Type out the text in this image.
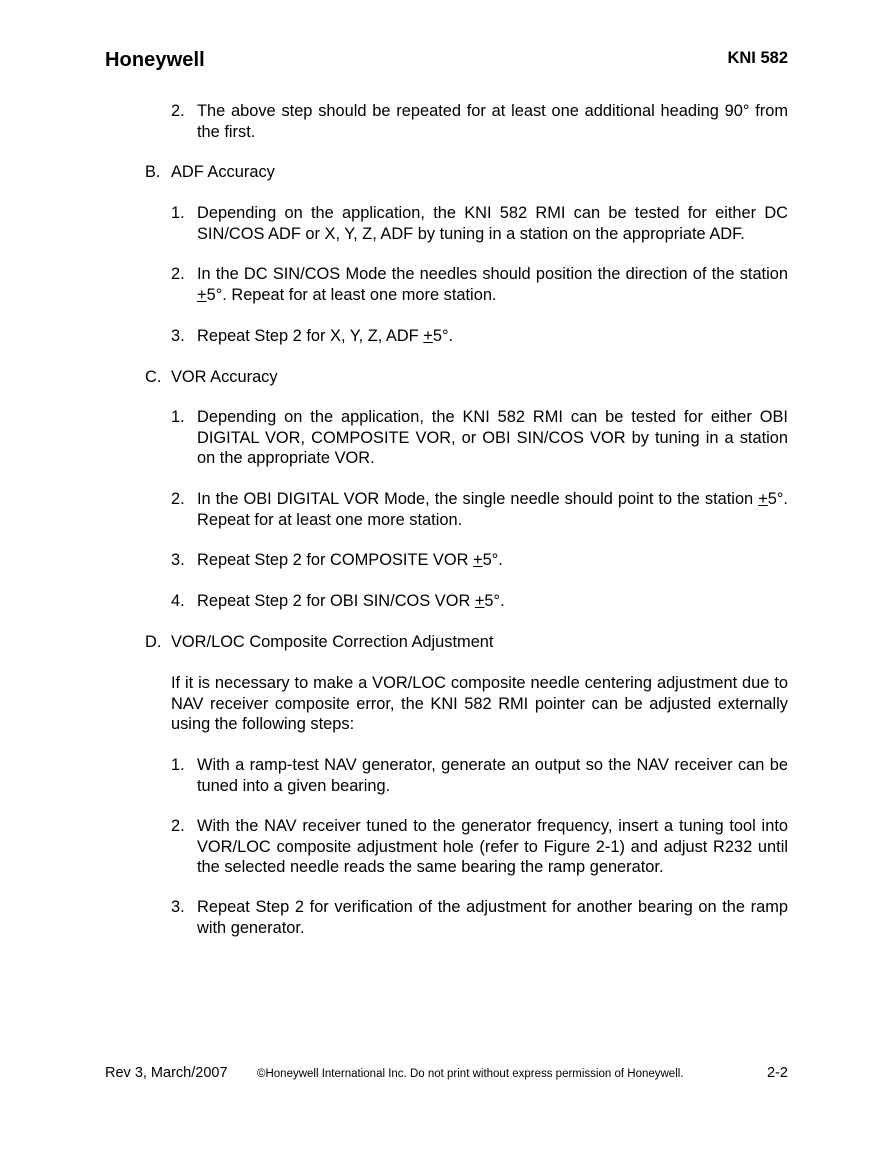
Honeywell	KNI 582
2. The above step should be repeated for at least one additional heading 90° from the first.
B. ADF Accuracy
1. Depending on the application, the KNI 582 RMI can be tested for either DC SIN/COS ADF or X, Y, Z, ADF by tuning in a station on the appropriate ADF.
2. In the DC SIN/COS Mode the needles should position the direction of the station +5°. Repeat for at least one more station.
3. Repeat Step 2 for X, Y, Z, ADF +5°.
C. VOR Accuracy
1. Depending on the application, the KNI 582 RMI can be tested for either OBI DIGITAL VOR, COMPOSITE VOR, or OBI SIN/COS VOR by tuning in a station on the appropriate VOR.
2. In the OBI DIGITAL VOR Mode, the single needle should point to the station +5°. Repeat for at least one more station.
3. Repeat Step 2 for COMPOSITE VOR +5°.
4. Repeat Step 2 for OBI SIN/COS VOR +5°.
D. VOR/LOC Composite Correction Adjustment
If it is necessary to make a VOR/LOC composite needle centering adjustment due to NAV receiver composite error, the KNI 582 RMI pointer can be adjusted externally using the following steps:
1. With a ramp-test NAV generator, generate an output so the NAV receiver can be tuned into a given bearing.
2. With the NAV receiver tuned to the generator frequency, insert a tuning tool into VOR/LOC composite adjustment hole (refer to Figure 2-1) and adjust R232 until the selected needle reads the same bearing the ramp generator.
3. Repeat Step 2 for verification of the adjustment for another bearing on the ramp with generator.
Rev 3, March/2007	©Honeywell International Inc. Do not print without express permission of Honeywell.	2-2
